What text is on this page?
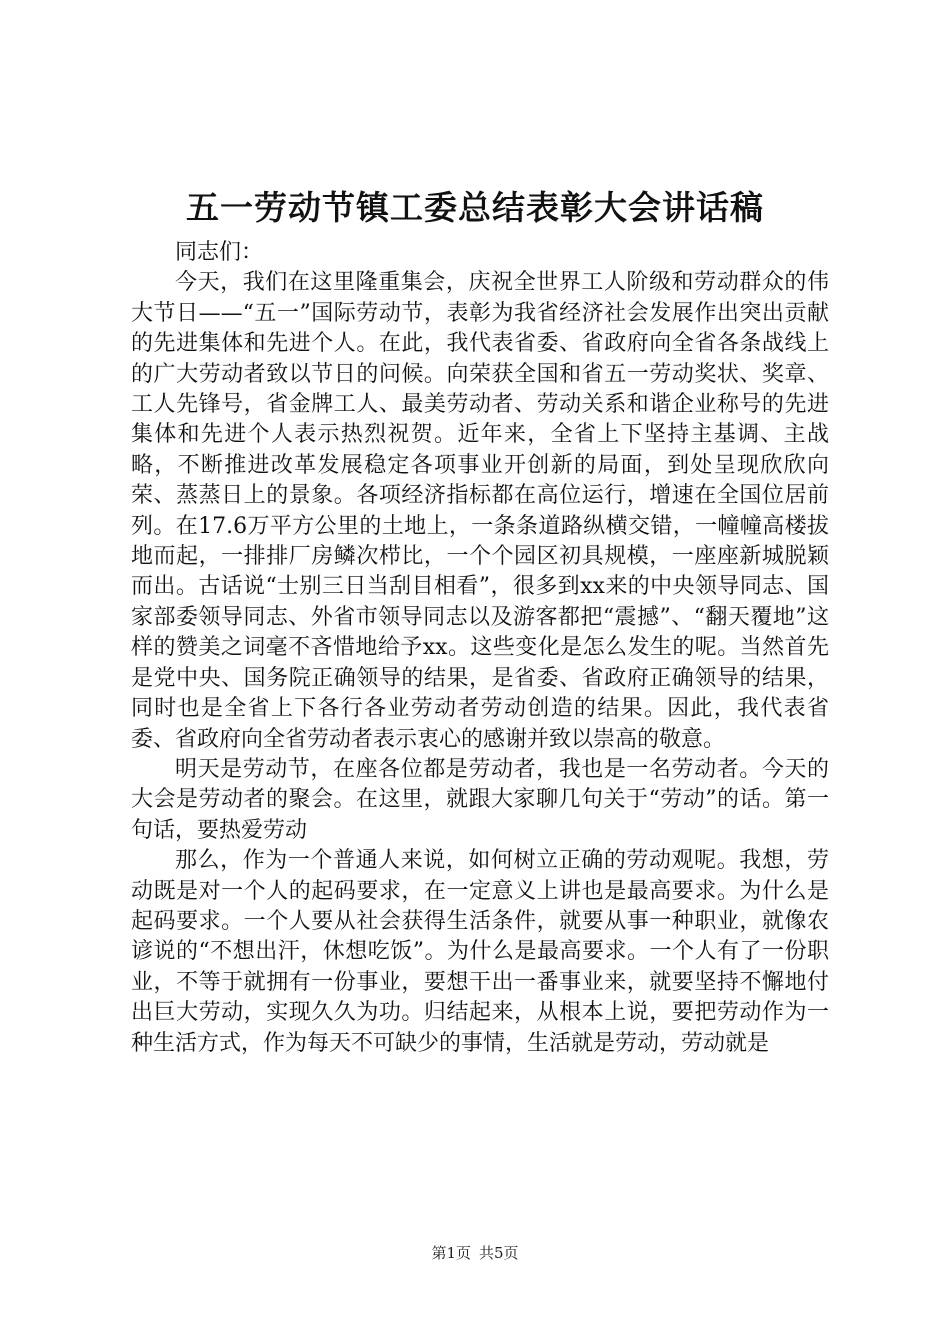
五一劳动节镇工委总结表彰大会讲话稿

同志们：

今天，我们在这里隆重集会，庆祝全世界工人阶级和劳动群众的伟大节日——“五一”国际劳动节，表彰为我省经济社会发展作出突出贡献的先进集体和先进个人。在此，我代表省委、省政府向全省各条战线上的广大劳动者致以节日的问候。向荣获全国和省五一劳动奖状、奖章、工人先锋号，省金牌工人、最美劳动者、劳动关系和谐企业称号的先进集体和先进个人表示热烈祝贺。近年来，全省上下坚持主基调、主战略，不断推进改革发展稳定各项事业开创新的局面，到处呈现欣欣向荣、蒸蒸日上的景象。各项经济指标都在高位运行，增速在全国位居前列。在17.6万平方公里的土地上，一条条道路纵横交错，一幢幢高楼拔地而起，一排排厂房鳞次栉比，一个个园区初具规模，一座座新城脱颖而出。古话说“士别三日当刮目相看”，很多到xx来的中央领导同志、国家部委领导同志、外省市领导同志以及游客都把“震撼”、“翻天覆地”这样的赞美之词毫不吝惜地给予xx。这些变化是怎么发生的呢。当然首先是党中央、国务院正确领导的结果，是省委、省政府正确领导的结果，同时也是全省上下各行各业劳动者劳动创造的结果。因此，我代表省委、省政府向全省劳动者表示衷心的感谢并致以崇高的敬意。

明天是劳动节，在座各位都是劳动者，我也是一名劳动者。今天的大会是劳动者的聚会。在这里，就跟大家聊几句关于“劳动”的话。第一句话，要热爱劳动

那么，作为一个普通人来说，如何树立正确的劳动观呢。我想，劳动既是对一个人的起码要求，在一定意义上讲也是最高要求。为什么是起码要求。一个人要从社会获得生活条件，就要从事一种职业，就像农谚说的“不想出汗，休想吃饭”。为什么是最高要求。一个人有了一份职业，不等于就拥有一份事业，要想干出一番事业来，就要坚持不懈地付出巨大劳动，实现久久为功。归结起来，从根本上说，要把劳动作为一种生活方式，作为每天不可缺少的事情，生活就是劳动，劳动就是

第1页 共5页
